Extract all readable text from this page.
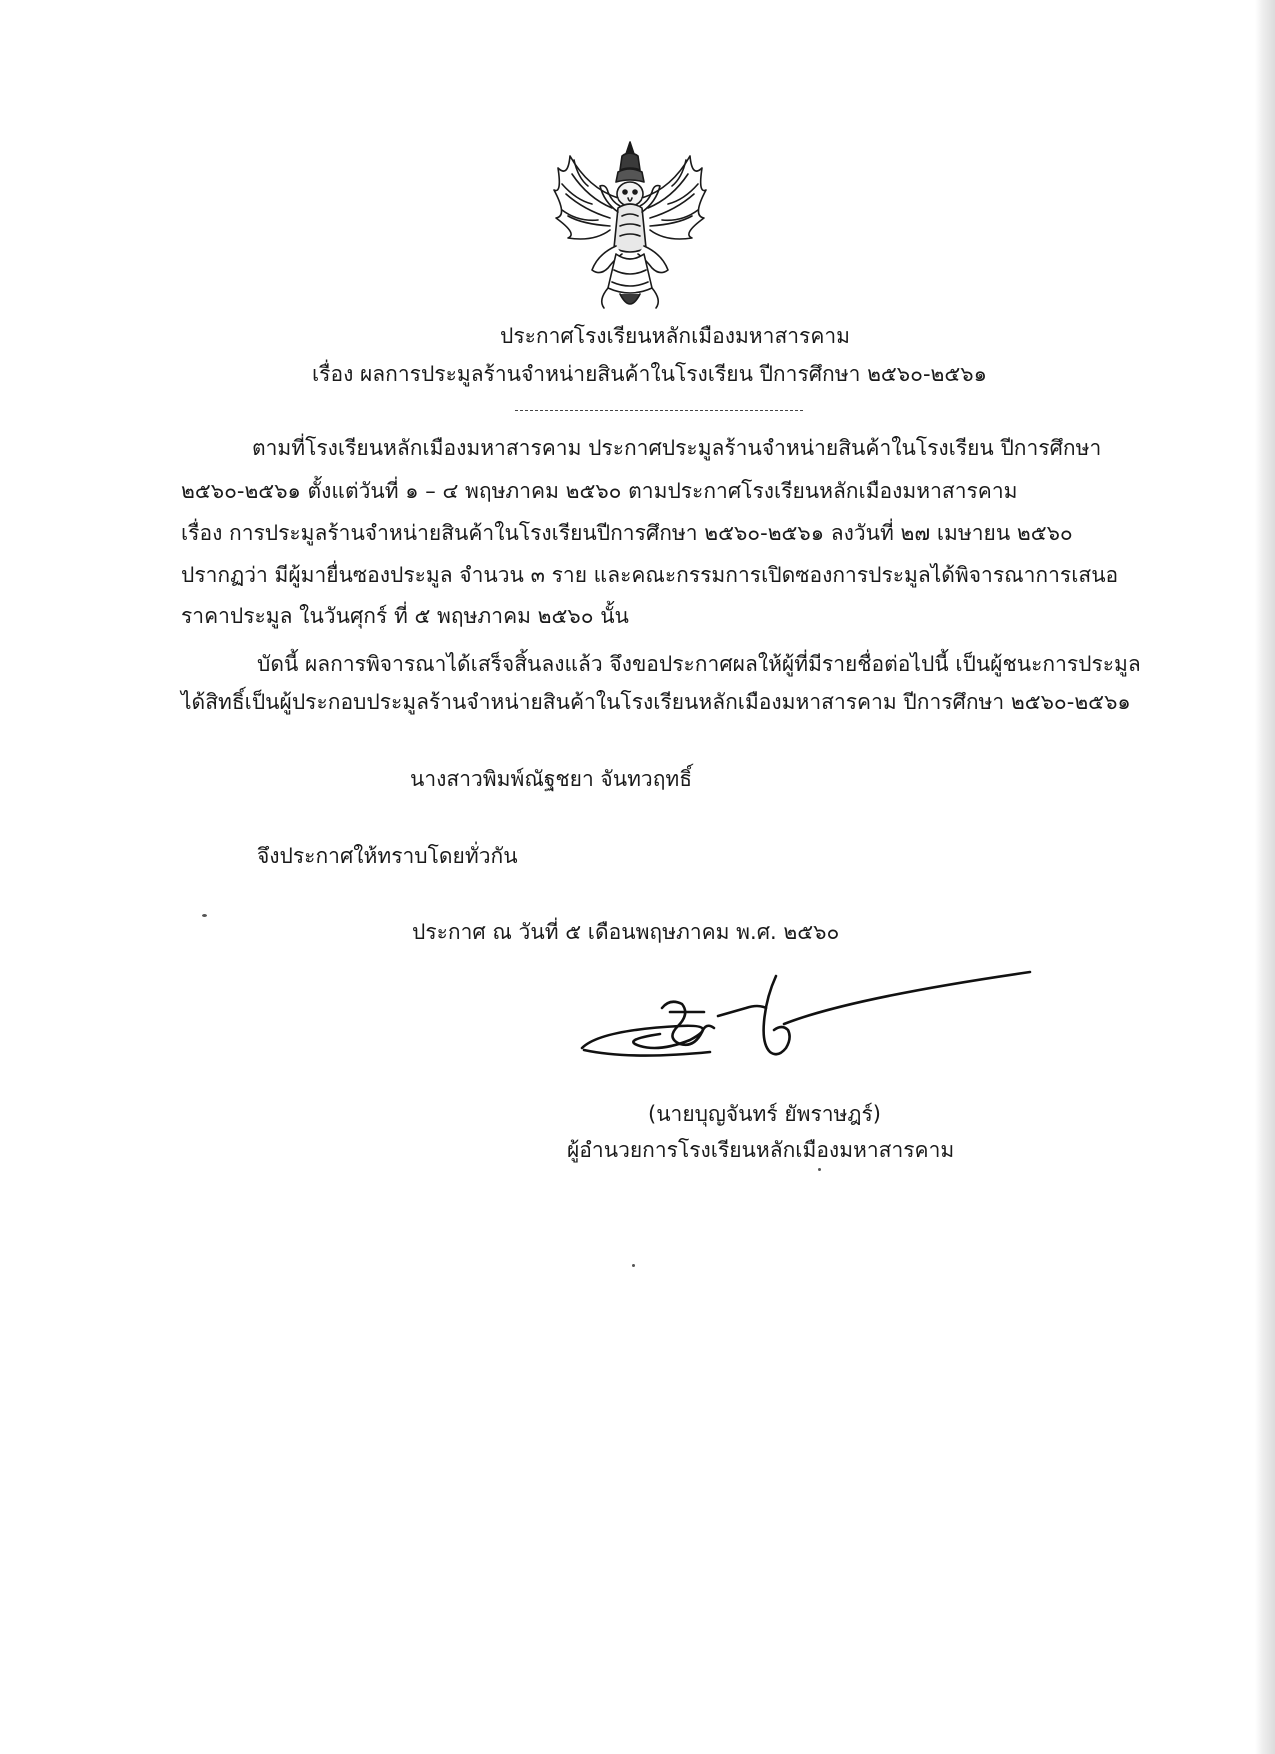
ประกาศโรงเรียนหลักเมืองมหาสารคาม
เรื่อง ผลการประมูลร้านจำหน่ายสินค้าในโรงเรียน ปีการศึกษา ๒๕๖๐-๒๕๖๑
ตามที่โรงเรียนหลักเมืองมหาสารคาม ประกาศประมูลร้านจำหน่ายสินค้าในโรงเรียน ปีการศึกษา
๒๕๖๐-๒๕๖๑ ตั้งแต่วันที่ ๑ – ๔ พฤษภาคม ๒๕๖๐ ตามประกาศโรงเรียนหลักเมืองมหาสารคาม
เรื่อง การประมูลร้านจำหน่ายสินค้าในโรงเรียนปีการศึกษา ๒๕๖๐-๒๕๖๑ ลงวันที่ ๒๗ เมษายน ๒๕๖๐
ปรากฏว่า มีผู้มายื่นซองประมูล จำนวน ๓ ราย และคณะกรรมการเปิดซองการประมูลได้พิจารณาการเสนอ
ราคาประมูล ในวันศุกร์ ที่ ๕ พฤษภาคม ๒๕๖๐ นั้น
บัดนี้ ผลการพิจารณาได้เสร็จสิ้นลงแล้ว จึงขอประกาศผลให้ผู้ที่มีรายชื่อต่อไปนี้ เป็นผู้ชนะการประมูล
ได้สิทธิ์เป็นผู้ประกอบประมูลร้านจำหน่ายสินค้าในโรงเรียนหลักเมืองมหาสารคาม ปีการศึกษา ๒๕๖๐-๒๕๖๑
นางสาวพิมพ์ณัฐชยา จันทวฤทธิ์
จึงประกาศให้ทราบโดยทั่วกัน
ประกาศ ณ วันที่ ๕ เดือนพฤษภาคม พ.ศ. ๒๕๖๐
(นายบุญจันทร์ ยัพราษฎร์)
ผู้อำนวยการโรงเรียนหลักเมืองมหาสารคาม
